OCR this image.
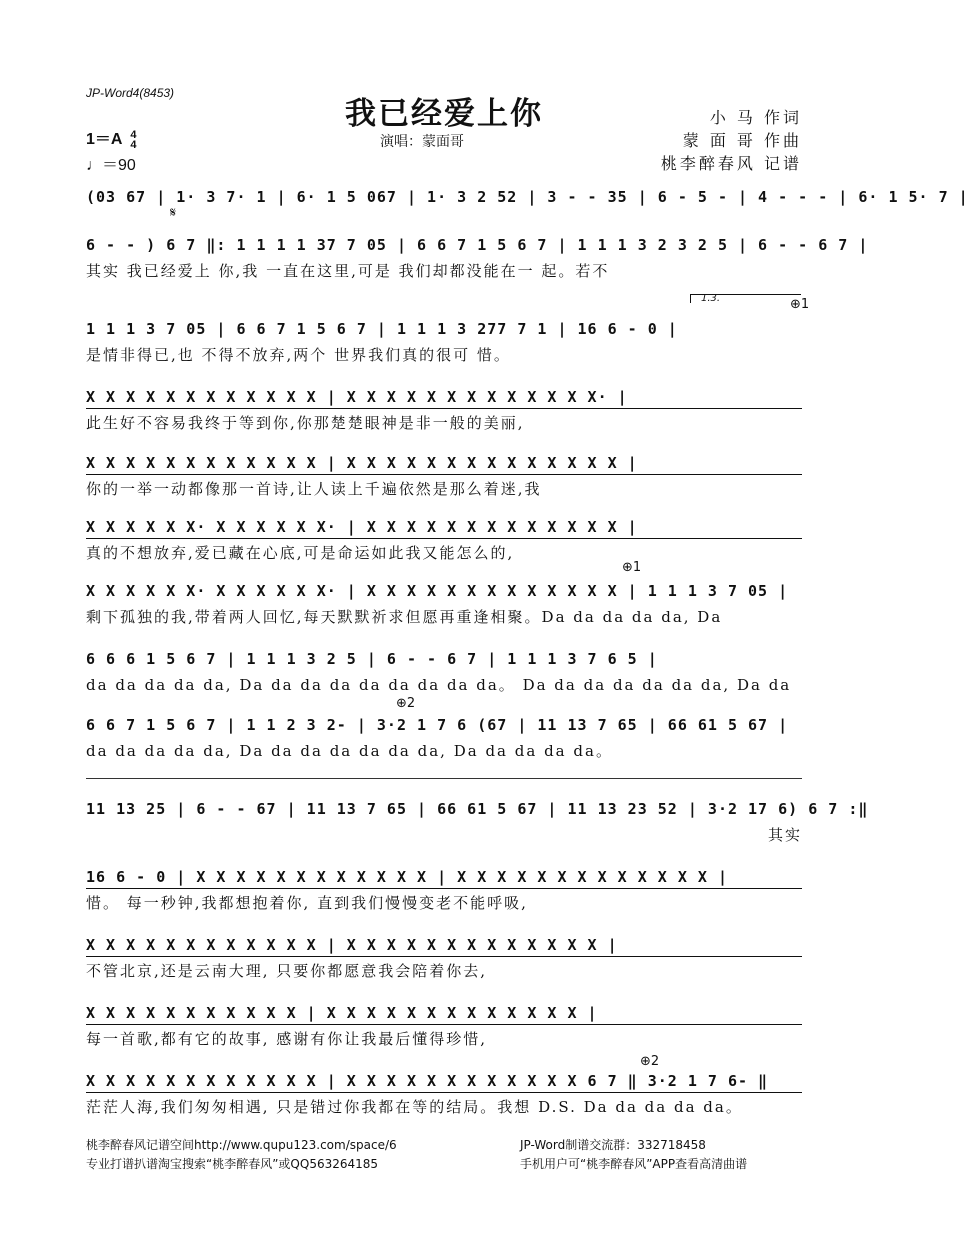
JP-Word4(8453)
我已经爱上你
演唱：蒙面哥
小 马 作词
蒙 面 哥 作曲
桃李醉春风 记谱
1＝A 4
4
♩＝90
𝄋
1.3.	⊕1
⊕1
⊕2
⊕2
(03 67 | 1· 3 7· 1 | 6· 1 5 067 | 1· 3 2 52 | 3 - - 35 | 6 - 5 - | 4 - - - | 6· 1 5· 7 |
6 - - ) 6 7 ‖: 1 1 1 1 37 7 05 | 6 6 7 1 5 6 7 | 1 1 1 3 2 3 2 5 | 6 - - 6 7 |
其实 我已经爱上 你,我 一直在这里,可是 我们却都没能在一 起。若不
1 1 1 3 7 05 | 6 6 7 1 5 6 7 | 1 1 1 3 277 7 1 | 16 6 - 0 |
是情非得已,也 不得不放弃,两个 世界我们真的很可 惜。
X X X X X X X X X X X X | X X X X X X X X X X X X X· |
此生好不容易我终于等到你,你那楚楚眼神是非一般的美丽,
X X X X X X X X X X X X | X X X X X X X X X X X X X X |
你的一举一动都像那一首诗,让人读上千遍依然是那么着迷,我
X X X X X X· X X X X X X· | X X X X X X X X X X X X X |
真的不想放弃,爱已藏在心底,可是命运如此我又能怎么的,
X X X X X X· X X X X X X· | X X X X X X X X X X X X X | 1 1 1 3 7 05 |
剩下孤独的我,带着两人回忆,每天默默祈求但愿再重逢相聚。Da da da da da, Da
6 6 6 1 5 6 7 | 1 1 1 3 2 5 | 6 - - 6 7 | 1 1 1 3 7 6 5 |
da da da da da, Da da da da da da da da da。 Da da da da da da da, Da da
6 6 7 1 5 6 7 | 1 1 2 3 2- | 3·2 1 7 6 (67 | 11 13 7 65 | 66 61 5 67 |
da da da da da, Da da da da da da da, Da da da da da。
11 13 25 | 6 - - 67 | 11 13 7 65 | 66 61 5 67 | 11 13 23 52 | 3·2 17 6) 6 7 :‖
其实
16 6 - 0 | X X X X X X X X X X X X | X X X X X X X X X X X X X |
惜。 每一秒钟,我都想抱着你, 直到我们慢慢变老不能呼吸,
X X X X X X X X X X X X | X X X X X X X X X X X X X |
不管北京,还是云南大理, 只要你都愿意我会陪着你去,
X X X X X X X X X X X | X X X X X X X X X X X X X |
每一首歌,都有它的故事, 感谢有你让我最后懂得珍惜,
X X X X X X X X X X X X | X X X X X X X X X X X X 6 7 ‖ 3·2 1 7 6- ‖
茫茫人海,我们匆匆相遇, 只是错过你我都在等的结局。我想 D.S. Da da da da da。
桃李醉春风记谱空间http://www.qupu123.com/space/6
专业打谱扒谱淘宝搜索“桃李醉春风”或QQ563264185
JP-Word制谱交流群：332718458
手机用户可“桃李醉春风”APP查看高清曲谱
